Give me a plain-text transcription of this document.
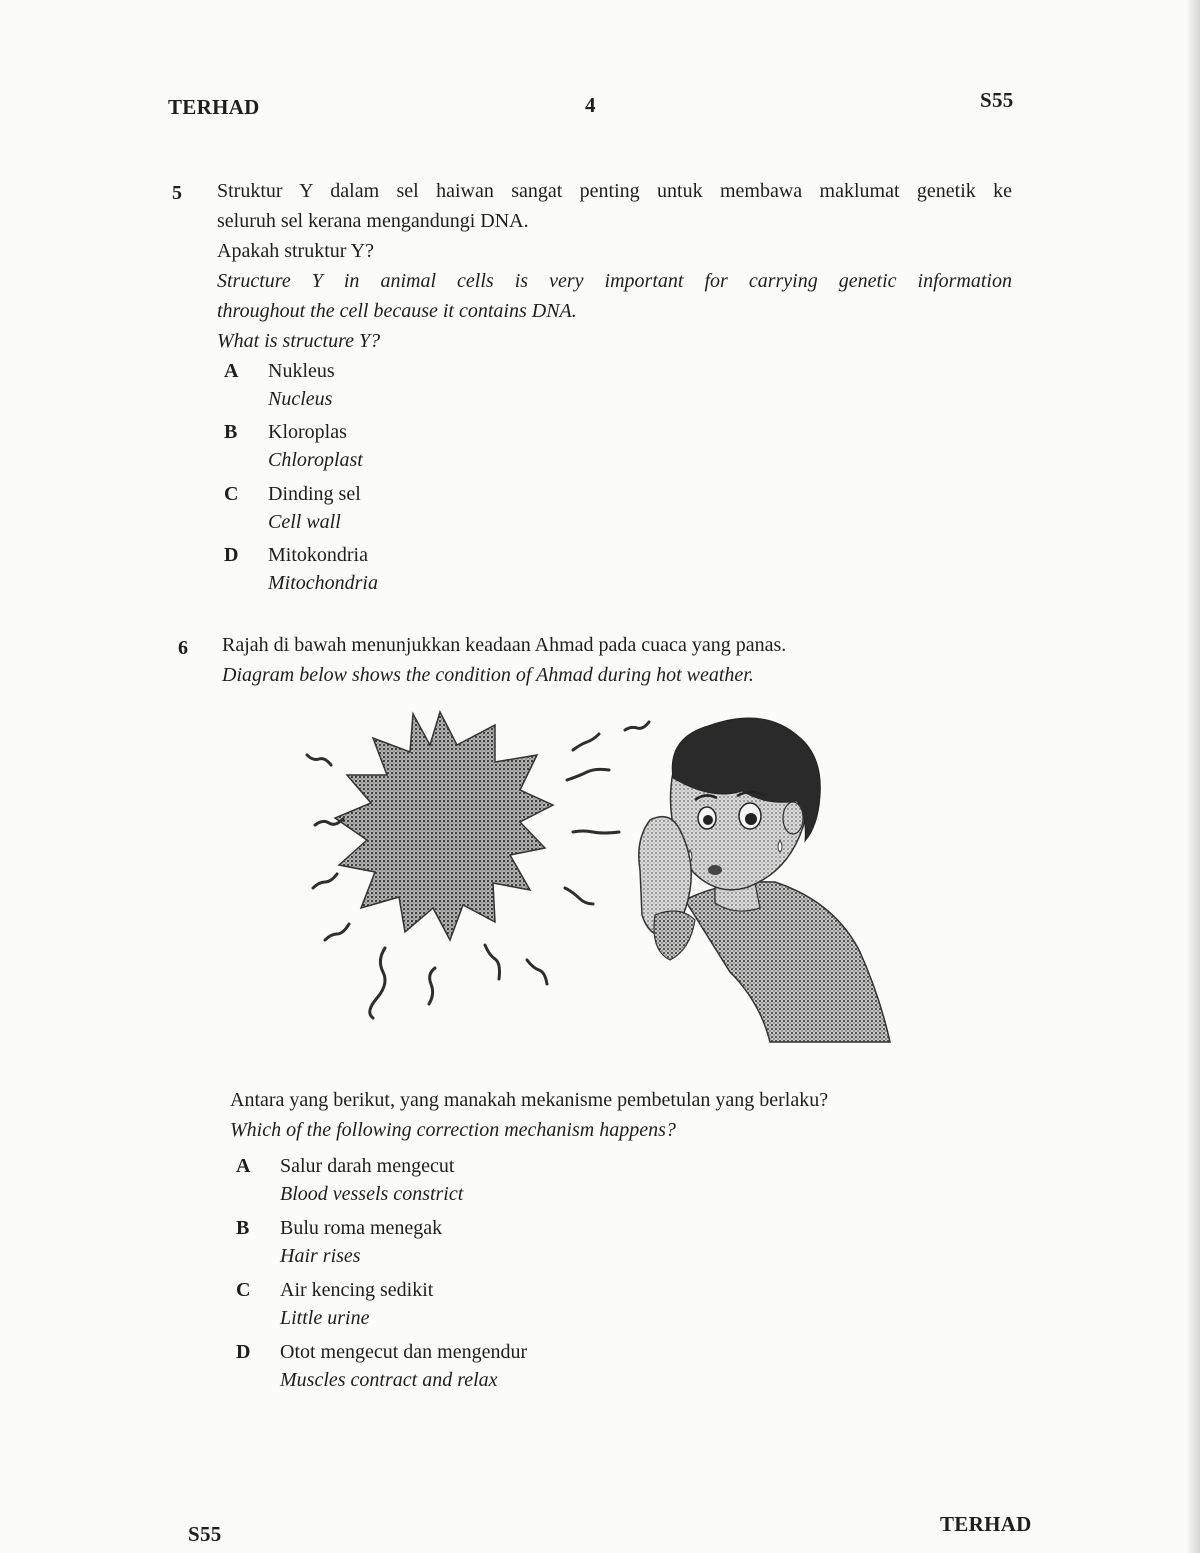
TERHAD	4	S55
5 Struktur Y dalam sel haiwan sangat penting untuk membawa maklumat genetik ke

seluruh sel kerana mengandungi DNA.

Apakah struktur Y?

Structure Y in animal cells is very important for carrying genetic information

throughout the cell because it contains DNA.

What is structure Y?

A Nukleus
Nucleus
B Kloroplas
Chloroplast
C Dinding sel
Cell wall
D Mitokondria
Mitochondria
6 Rajah di bawah menunjukkan keadaan Ahmad pada cuaca yang panas.

Diagram below shows the condition of Ahmad during hot weather.

Antara yang berikut, yang manakah mekanisme pembetulan yang berlaku?

Which of the following correction mechanism happens?

A Salur darah mengecut
Blood vessels constrict
B Bulu roma menegak
Hair rises
C Air kencing sedikit
Little urine
D Otot mengecut dan mengendur
Muscles contract and relax
S55	TERHAD
